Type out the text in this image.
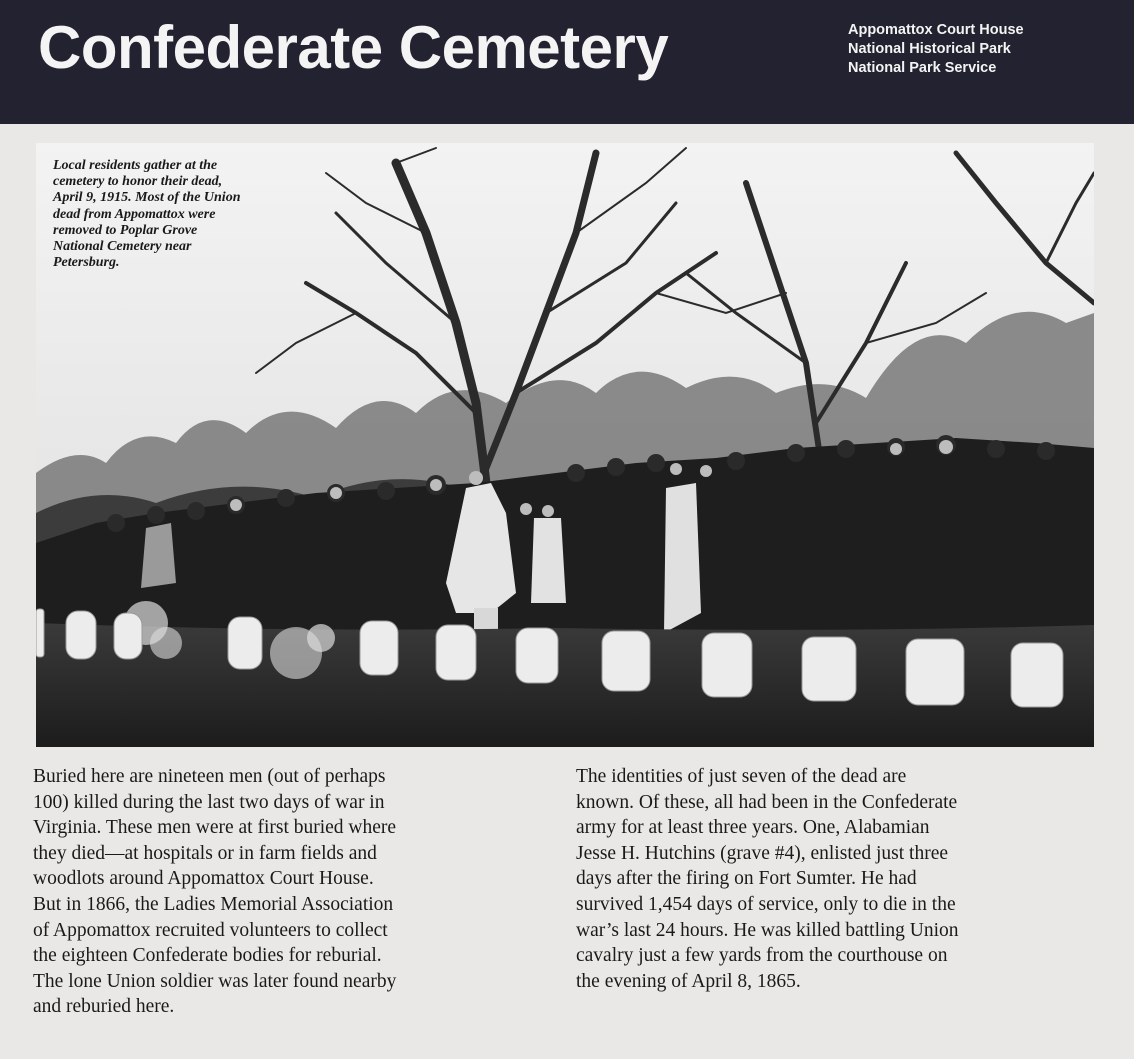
Confederate Cemetery	Appomattox Court House
National Historical Park
National Park Service
Local residents gather at the
cemetery to honor their dead,
April 9, 1915. Most of the Union
dead from Appomattox were
removed to Poplar Grove
National Cemetery near
Petersburg.
Buried here are nineteen men (out of perhaps
100) killed during the last two days of war in
Virginia. These men were at first buried where
they died—at hospitals or in farm fields and
woodlots around Appomattox Court House.
But in 1866, the Ladies Memorial Association
of Appomattox recruited volunteers to collect
the eighteen Confederate bodies for reburial.
The lone Union soldier was later found nearby
and reburied here.
The identities of just seven of the dead are
known. Of these, all had been in the Confederate
army for at least three years. One, Alabamian
Jesse H. Hutchins (grave #4), enlisted just three
days after the firing on Fort Sumter. He had
survived 1,454 days of service, only to die in the
war’s last 24 hours. He was killed battling Union
cavalry just a few yards from the courthouse on
the evening of April 8, 1865.
